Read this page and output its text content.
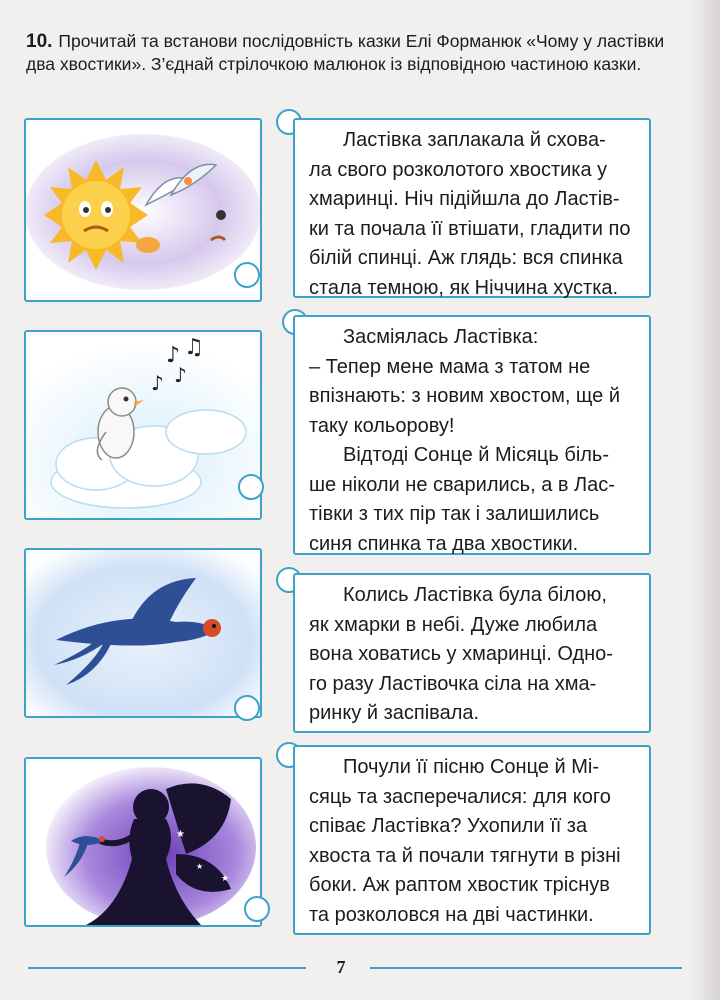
10. Прочитай та встанови послідовність казки Елі Форманюк «Чому у ластівки два хвостики». З’єднай стрілочкою малюнок із відповідною частиною казки.

Ластівка заплакала й схова-
ла свого розколотого хвостика у
хмаринці. Ніч підійшла до Ластів-
ки та почала її втішати, гладити по
білій спинці. Аж глядь: вся спинка
стала темною, як Ніччина хустка.

♪ ♫
♪ ♪

Засміялась Ластівка:
– Тепер мене мама з татом не
впізнають: з новим хвостом, ще й
таку кольорову!

Відтоді Сонце й Місяць біль-
ше ніколи не сварились, а в Лас-
тівки з тих пір так і залишились
синя спинка та два хвостики.

Колись Ластівка була білою,
як хмарки в небі. Дуже любила
вона ховатись у хмаринці. Одно-
го разу Ластівочка сіла на хма-
ринку й заспівала.

★
★
★

Почули її пісню Сонце й Мі-
сяць та засперечалися: для кого
співає Ластівка? Ухопили її за
хвоста та й почали тягнути в різні
боки. Аж раптом хвостик тріснув
та розколовся на дві частинки.

7
